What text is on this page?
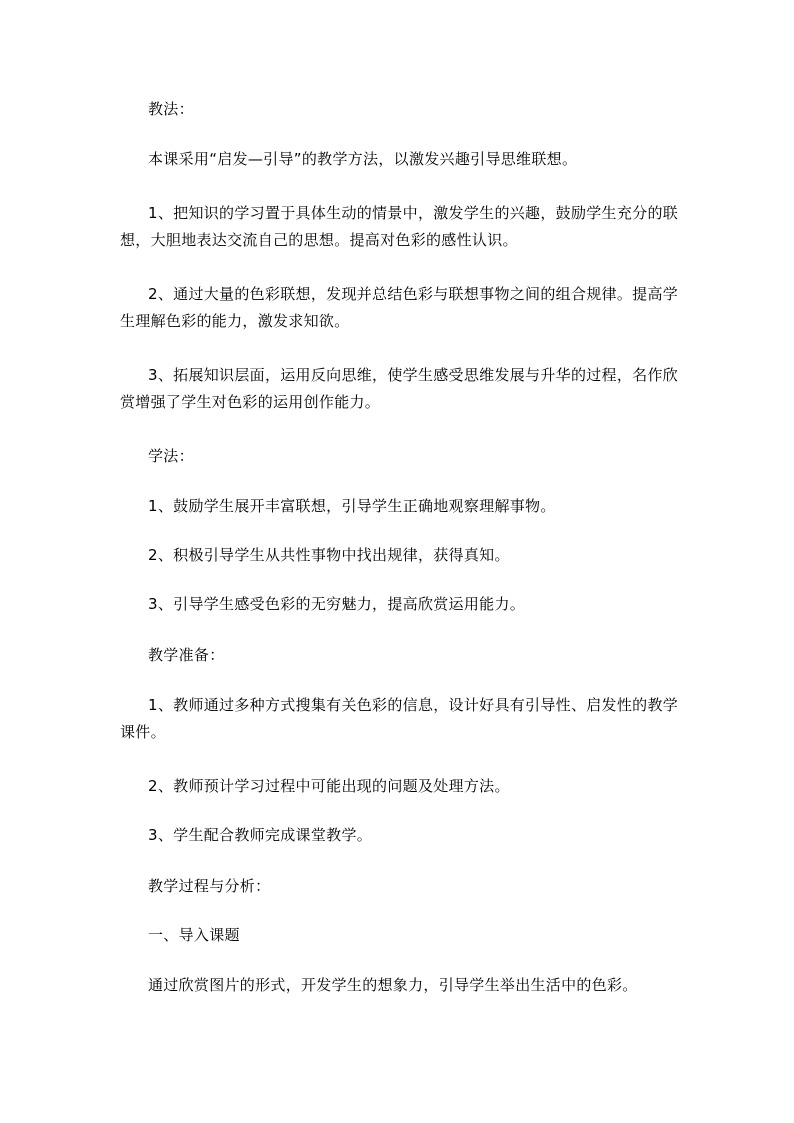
教法：

本课采用“启发—引导”的教学方法，以激发兴趣引导思维联想。

1、把知识的学习置于具体生动的情景中，激发学生的兴趣，鼓励学生充分的联想，大胆地表达交流自己的思想。提高对色彩的感性认识。

2、通过大量的色彩联想，发现并总结色彩与联想事物之间的组合规律。提高学生理解色彩的能力，激发求知欲。

3、拓展知识层面，运用反向思维，使学生感受思维发展与升华的过程，名作欣赏增强了学生对色彩的运用创作能力。

学法：

1、鼓励学生展开丰富联想，引导学生正确地观察理解事物。

2、积极引导学生从共性事物中找出规律，获得真知。

3、引导学生感受色彩的无穷魅力，提高欣赏运用能力。

教学准备：

1、教师通过多种方式搜集有关色彩的信息，设计好具有引导性、启发性的教学课件。

2、教师预计学习过程中可能出现的问题及处理方法。

3、学生配合教师完成课堂教学。

教学过程与分析：

一、导入课题

通过欣赏图片的形式，开发学生的想象力，引导学生举出生活中的色彩。
